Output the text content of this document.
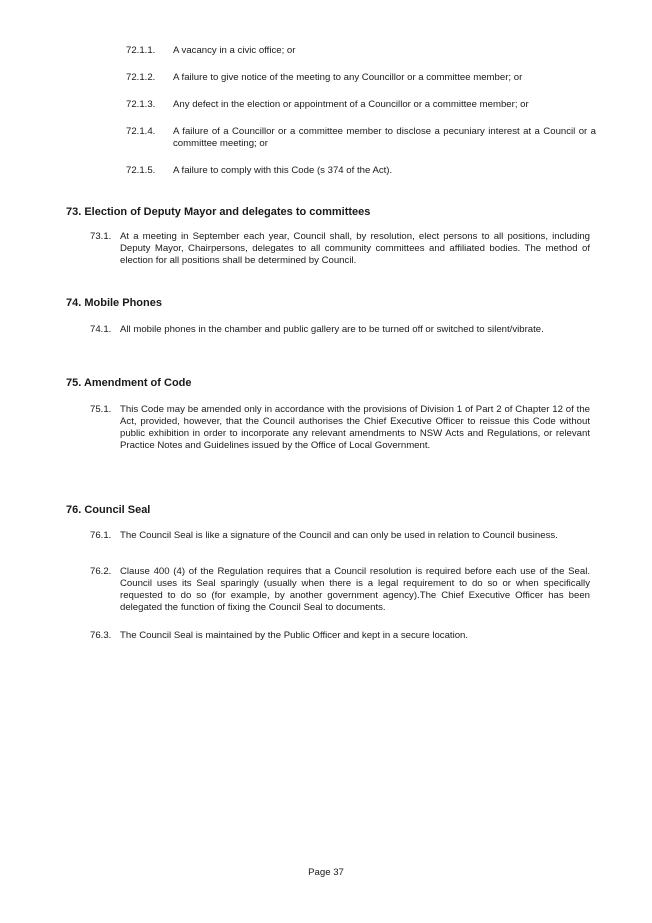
72.1.1.	A vacancy in a civic office; or
72.1.2.	A failure to give notice of the meeting to any Councillor or a committee member; or
72.1.3.	Any defect in the election or appointment of a Councillor or a committee member; or
72.1.4.	A failure of a Councillor or a committee member to disclose a pecuniary interest at a Council or a committee meeting; or
72.1.5.	A failure to comply with this Code (s 374 of the Act).
73. Election of Deputy Mayor and delegates to committees
73.1. At a meeting in September each year, Council shall, by resolution, elect persons to all positions, including Deputy Mayor, Chairpersons, delegates to all community committees and affiliated bodies. The method of election for all positions shall be determined by Council.
74. Mobile Phones
74.1. All mobile phones in the chamber and public gallery are to be turned off or switched to silent/vibrate.
75. Amendment of Code
75.1. This Code may be amended only in accordance with the provisions of Division 1 of Part 2 of Chapter 12 of the Act, provided, however, that the Council authorises the Chief Executive Officer to reissue this Code without public exhibition in order to incorporate any relevant amendments to NSW Acts and Regulations, or relevant Practice Notes and Guidelines issued by the Office of Local Government.
76. Council Seal
76.1. The Council Seal is like a signature of the Council and can only be used in relation to Council business.
76.2. Clause 400 (4) of the Regulation requires that a Council resolution is required before each use of the Seal. Council uses its Seal sparingly (usually when there is a legal requirement to do so or when specifically requested to do so (for example, by another government agency).The Chief Executive Officer has been delegated the function of fixing the Council Seal to documents.
76.3. The Council Seal is maintained by the Public Officer and kept in a secure location.
Page 37
